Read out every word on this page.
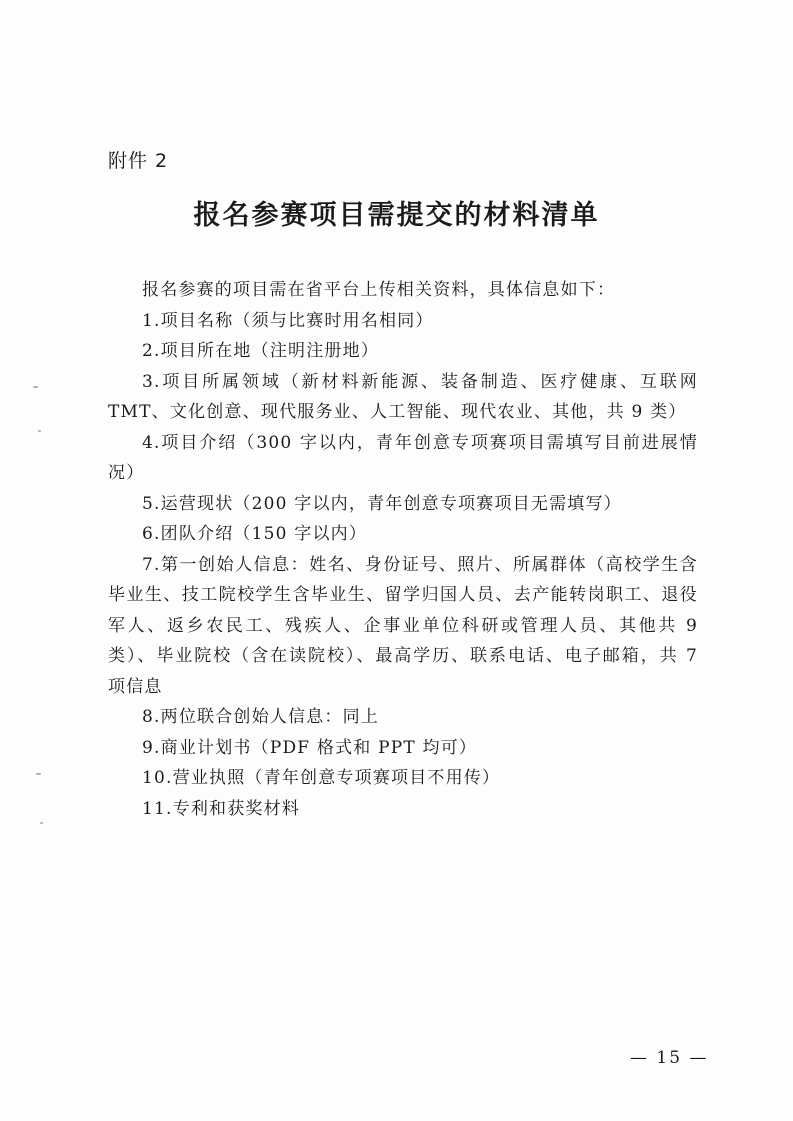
附件 2
报名参赛项目需提交的材料清单

报名参赛的项目需在省平台上传相关资料，具体信息如下：

1.项目名称（须与比赛时用名相同）

2.项目所在地（注明注册地）

3.项目所属领域（新材料新能源、装备制造、医疗健康、互联网 TMT、文化创意、现代服务业、人工智能、现代农业、其他，共 9 类）

4.项目介绍（300 字以内，青年创意专项赛项目需填写目前进展情况）

5.运营现状（200 字以内，青年创意专项赛项目无需填写）

6.团队介绍（150 字以内）

7.第一创始人信息：姓名、身份证号、照片、所属群体（高校学生含毕业生、技工院校学生含毕业生、留学归国人员、去产能转岗职工、退役军人、返乡农民工、残疾人、企事业单位科研或管理人员、其他共 9 类）、毕业院校（含在读院校）、最高学历、联系电话、电子邮箱，共 7 项信息

8.两位联合创始人信息：同上

9.商业计划书（PDF 格式和 PPT 均可）

10.营业执照（青年创意专项赛项目不用传）

11.专利和获奖材料

— 15 —
